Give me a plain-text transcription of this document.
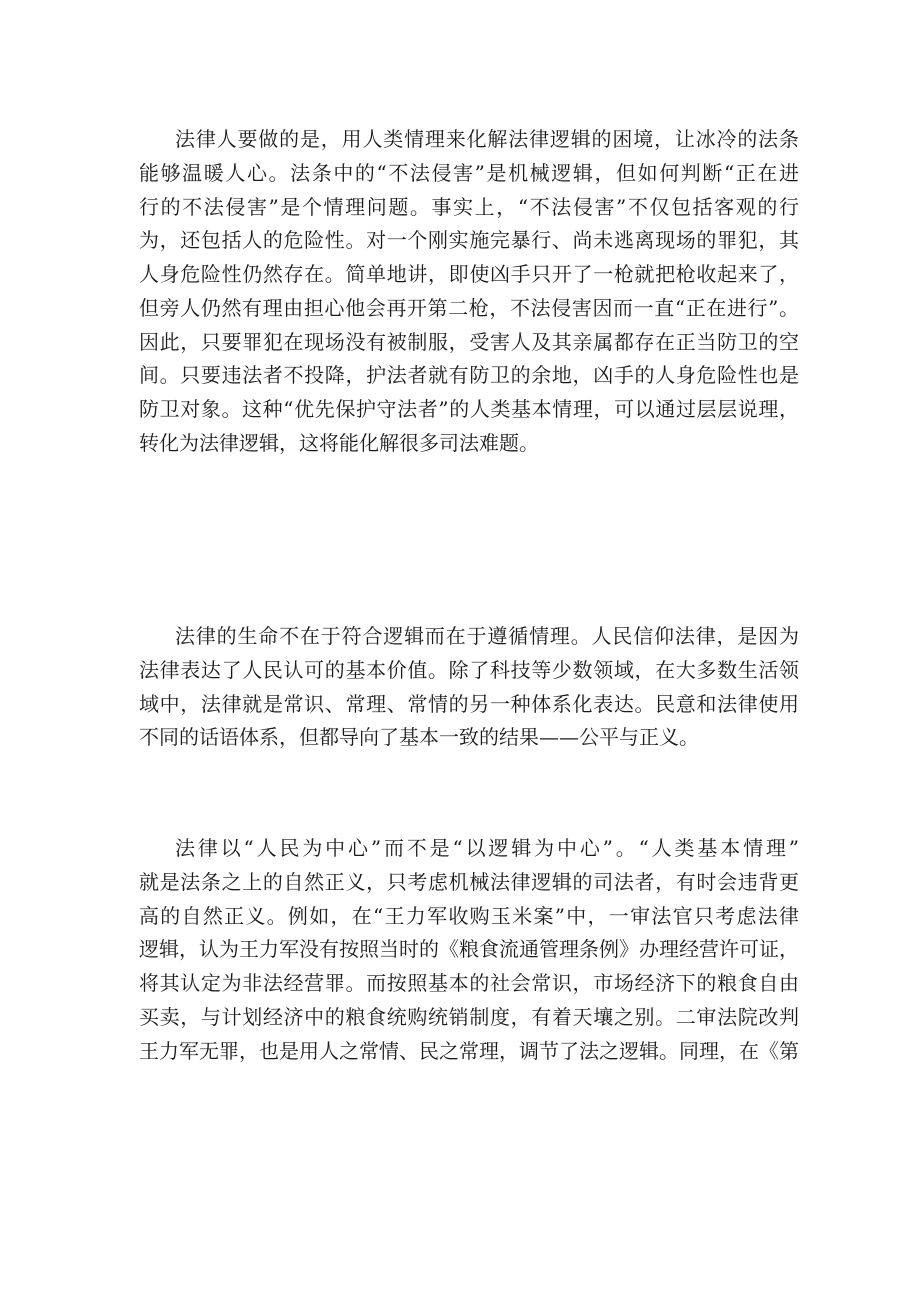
法律人要做的是，用人类情理来化解法律逻辑的困境，让冰冷的法条
能够温暖人心。法条中的“不法侵害”是机械逻辑，但如何判断“正在进
行的不法侵害”是个情理问题。事实上，“不法侵害”不仅包括客观的行
为，还包括人的危险性。对一个刚实施完暴行、尚未逃离现场的罪犯，其
人身危险性仍然存在。简单地讲，即使凶手只开了一枪就把枪收起来了，
但旁人仍然有理由担心他会再开第二枪，不法侵害因而一直“正在进行”。
因此，只要罪犯在现场没有被制服，受害人及其亲属都存在正当防卫的空
间。只要违法者不投降，护法者就有防卫的余地，凶手的人身危险性也是
防卫对象。这种“优先保护守法者”的人类基本情理，可以通过层层说理，
转化为法律逻辑，这将能化解很多司法难题。
法律的生命不在于符合逻辑而在于遵循情理。人民信仰法律，是因为
法律表达了人民认可的基本价值。除了科技等少数领域，在大多数生活领
域中，法律就是常识、常理、常情的另一种体系化表达。民意和法律使用
不同的话语体系，但都导向了基本一致的结果——公平与正义。
法律以“人民为中心”而不是“以逻辑为中心”。“人类基本情理”
就是法条之上的自然正义，只考虑机械法律逻辑的司法者，有时会违背更
高的自然正义。例如，在“王力军收购玉米案”中，一审法官只考虑法律
逻辑，认为王力军没有按照当时的《粮食流通管理条例》办理经营许可证，
将其认定为非法经营罪。而按照基本的社会常识，市场经济下的粮食自由
买卖，与计划经济中的粮食统购统销制度，有着天壤之别。二审法院改判
王力军无罪，也是用人之常情、民之常理，调节了法之逻辑。同理，在《第
